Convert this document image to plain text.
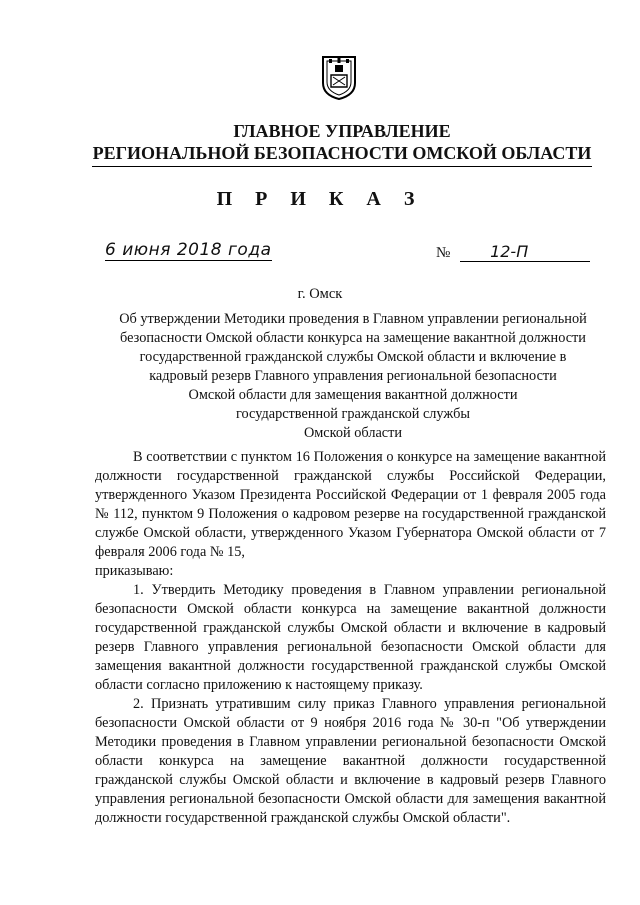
ГЛАВНОЕ УПРАВЛЕНИЕ
РЕГИОНАЛЬНОЙ БЕЗОПАСНОСТИ ОМСКОЙ ОБЛАСТИ
П Р И К А З
6 июня 2018 года	№ 12-П
г. Омск
Об утверждении Методики проведения в Главном управлении региональной
безопасности Омской области конкурса на замещение вакантной должности
государственной гражданской службы Омской области и включение в
кадровый резерв Главного управления региональной безопасности
Омской области для замещения вакантной должности
государственной гражданской службы
Омской области

В соответствии с пунктом 16 Положения о конкурсе на замещение вакантной должности государственной гражданской службы Российской Федерации, утвержденного Указом Президента Российской Федерации от 1 февраля 2005 года № 112, пунктом 9 Положения о кадровом резерве на государственной гражданской службе Омской области, утвержденного Указом Губернатора Омской области от 7 февраля 2006 года № 15,

приказываю:

1. Утвердить Методику проведения в Главном управлении региональной безопасности Омской области конкурса на замещение вакантной должности государственной гражданской службы Омской области и включение в кадровый резерв Главного управления региональной безопасности Омской области для замещения вакантной должности государственной гражданской службы Омской области согласно приложению к настоящему приказу.

2. Признать утратившим силу приказ Главного управления региональной безопасности Омской области от 9 ноября 2016 года № 30-п "Об утверждении Методики проведения в Главном управлении региональной безопасности Омской области конкурса на замещение вакантной должности государственной гражданской службы Омской области и включение в кадровый резерв Главного управления региональной безопасности Омской области для замещения вакантной должности государственной гражданской службы Омской области".
